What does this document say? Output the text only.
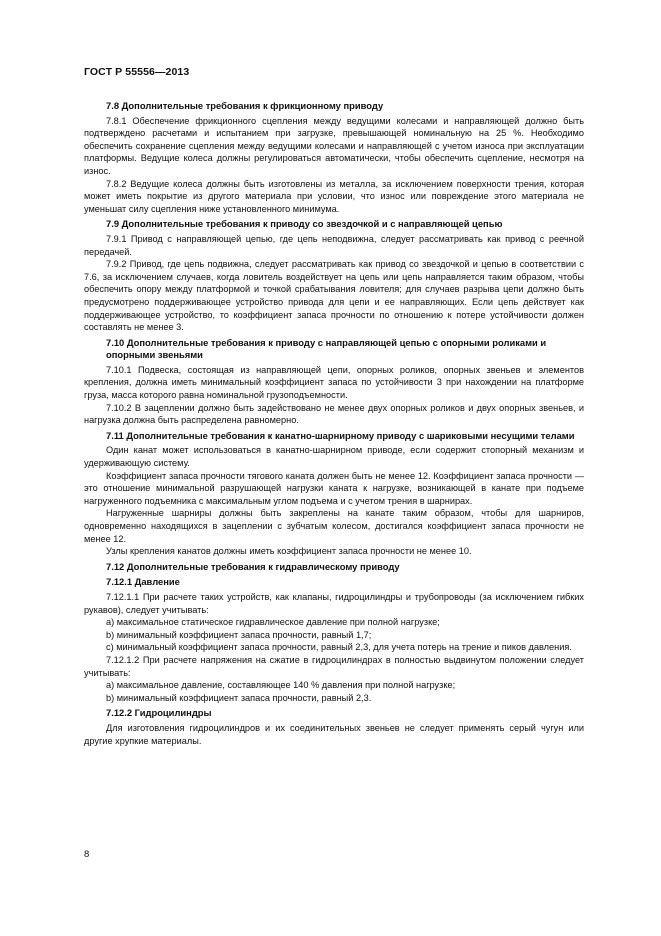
ГОСТ Р 55556—2013
7.8 Дополнительные требования к фрикционному приводу

7.8.1 Обеспечение фрикционного сцепления между ведущими колесами и направляющей должно быть подтверждено расчетами и испытанием при загрузке, превышающей номинальную на 25 %. Необходимо обеспечить сохранение сцепления между ведущими колесами и направляющей с учетом износа при эксплуатации платформы. Ведущие колеса должны регулироваться автоматически, чтобы обеспечить сцепление, несмотря на износ.

7.8.2 Ведущие колеса должны быть изготовлены из металла, за исключением поверхности трения, которая может иметь покрытие из другого материала при условии, что износ или повреждение этого материала не уменьшат силу сцепления ниже установленного минимума.

7.9 Дополнительные требования к приводу со звездочкой и с направляющей цепью

7.9.1 Привод с направляющей цепью, где цепь неподвижна, следует рассматривать как привод с реечной передачей.

7.9.2 Привод, где цепь подвижна, следует рассматривать как привод со звездочкой и цепью в соответствии с 7.6, за исключением случаев, когда ловитель воздействует на цепь или цепь направляется таким образом, чтобы обеспечить опору между платформой и точкой срабатывания ловителя; для случаев разрыва цепи должно быть предусмотрено поддерживающее устройство привода для цепи и ее направляющих. Если цепь действует как поддерживающее устройство, то коэффициент запаса прочности по отношению к потере устойчивости должен составлять не менее 3.

7.10 Дополнительные требования к приводу с направляющей цепью с опорными роликами и опорными звеньями

7.10.1 Подвеска, состоящая из направляющей цепи, опорных роликов, опорных звеньев и элементов крепления, должна иметь минимальный коэффициент запаса по устойчивости 3 при нахождении на платформе груза, масса которого равна номинальной грузоподъемности.

7.10.2 В зацеплении должно быть задействовано не менее двух опорных роликов и двух опорных звеньев, и нагрузка должна быть распределена равномерно.

7.11 Дополнительные требования к канатно-шарнирному приводу с шариковыми несущими телами

Один канат может использоваться в канатно-шарнирном приводе, если содержит стопорный механизм и удерживающую систему.

Коэффициент запаса прочности тягового каната должен быть не менее 12. Коэффициент запаса прочности — это отношение минимальной разрушающей нагрузки каната к нагрузке, возникающей в канате при подъеме нагруженного подъемника с максимальным углом подъема и с учетом трения в шарнирах.

Нагруженные шарниры должны быть закреплены на канате таким образом, чтобы для шарниров, одновременно находящихся в зацеплении с зубчатым колесом, достигался коэффициент запаса прочности не менее 12.

Узлы крепления канатов должны иметь коэффициент запаса прочности не менее 10.

7.12 Дополнительные требования к гидравлическому приводу
7.12.1 Давление

7.12.1.1 При расчете таких устройств, как клапаны, гидроцилиндры и трубопроводы (за исключением гибких рукавов), следует учитывать:

a) максимальное статическое гидравлическое давление при полной нагрузке;

b) минимальный коэффициент запаса прочности, равный 1,7;

c) минимальный коэффициент запаса прочности, равный 2,3, для учета потерь на трение и пиков давления.

7.12.1.2 При расчете напряжения на сжатие в гидроцилиндрах в полностью выдвинутом положении следует учитывать:

a) максимальное давление, составляющее 140 % давления при полной нагрузке;

b) минимальный коэффициент запаса прочности, равный 2,3.

7.12.2 Гидроцилиндры

Для изготовления гидроцилиндров и их соединительных звеньев не следует применять серый чугун или другие хрупкие материалы.

8
